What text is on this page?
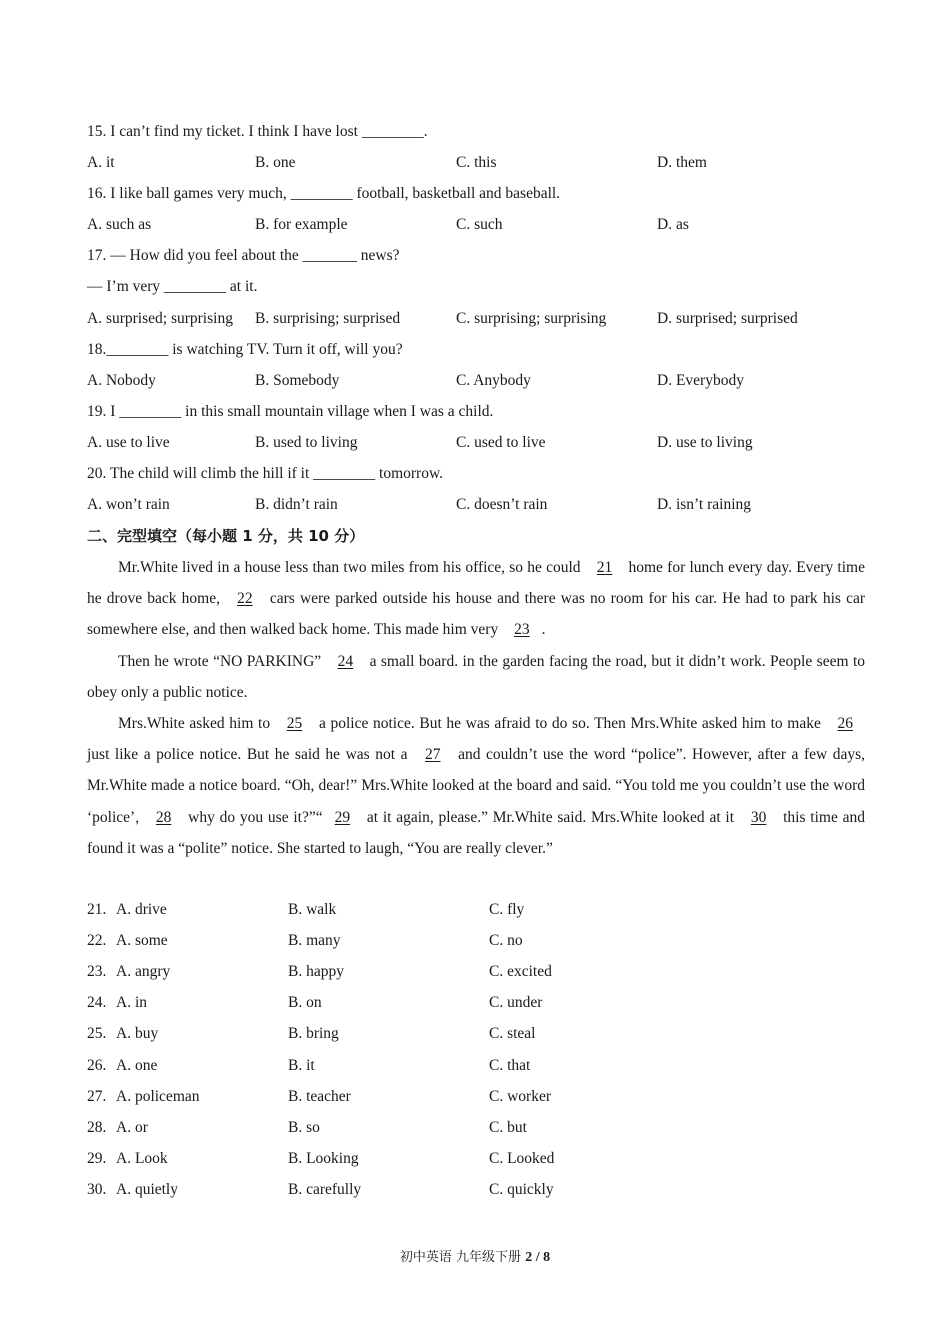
15. I can’t find my ticket. I think I have lost ________.
A. it	B. one	C. this	D. them
16. I like ball games very much, ________ football, basketball and baseball.
A. such as	B. for example	C. such	D. as
17. — How did you feel about the _______ news?
— I’m very ________ at it.
A. surprised; surprising B. surprising; surprised	C. surprising; surprising	D. surprised; surprised
18.________ is watching TV. Turn it off, will you?
A. Nobody	B. Somebody	C. Anybody	D. Everybody
19. I ________ in this small mountain village when I was a child.
A. use to live	B. used to living	C. used to live	D. use to living
20. The child will climb the hill if it ________ tomorrow.
A. won’t rain	B. didn’t rain	C. doesn’t rain	D. isn’t raining
二、完型填空（每小题 1 分，共 10 分）

Mr.White lived in a house less than two miles from his office, so he could 21 home for lunch every day. Every time he drove back home, 22 cars were parked outside his house and there was no room for his car. He had to park his car somewhere else, and then walked back home. This made him very 23 .

Then he wrote “NO PARKING” 24 a small board. in the garden facing the road, but it didn’t work. People seem to obey only a public notice.

Mrs.White asked him to 25 a police notice. But he was afraid to do so. Then Mrs.White asked him to make 26 just like a police notice. But he said he was not a 27 and couldn’t use the word “police”. However, after a few days, Mr.White made a notice board. “Oh, dear!” Mrs.White looked at the board and said. “You told me you couldn’t use the word ‘police’, 28 why do you use it?”“ 29 at it again, please.” Mr.White said. Mrs.White looked at it 30 this time and found it was a “polite” notice. She started to laugh, “You are really clever.”

21. A. drive	B. walk	C. fly
22. A. some	B. many	C. no
23. A. angry	B. happy	C. excited
24. A. in	B. on	C. under
25. A. buy	B. bring	C. steal
26. A. one	B. it	C. that
27. A. policeman	B. teacher	C. worker
28. A. or	B. so	C. but
29. A. Look	B. Looking	C. Looked
30. A. quietly	B. carefully	C. quickly
初中英语 九年级下册 2 / 8
